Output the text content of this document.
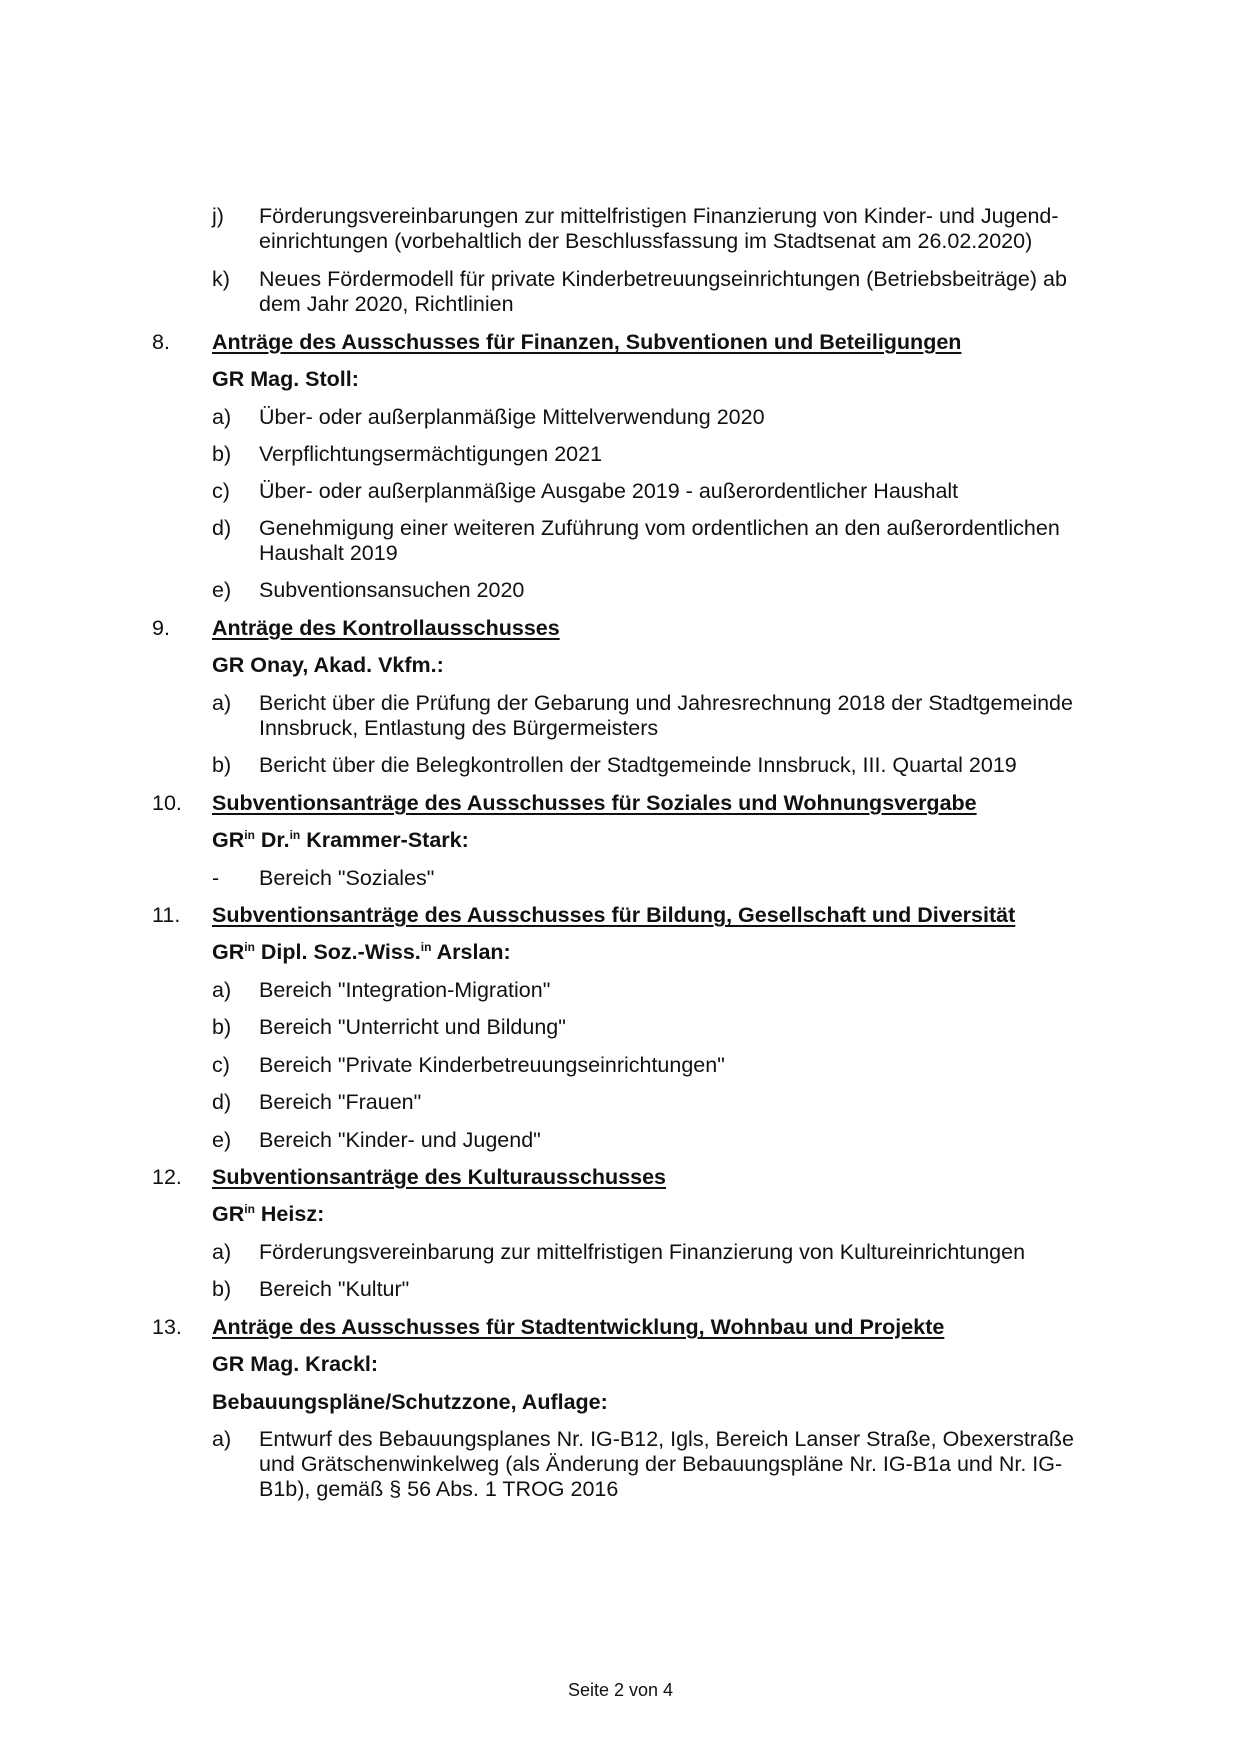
j)	Förderungsvereinbarungen zur mittelfristigen Finanzierung von Kinder- und Jugend-
einrichtungen (vorbehaltlich der Beschlussfassung im Stadtsenat am 26.02.2020)
k)	Neues Fördermodell für private Kinderbetreuungseinrichtungen (Betriebsbeiträge) ab
dem Jahr 2020, Richtlinien
8.	Anträge des Ausschusses für Finanzen, Subventionen und Beteiligungen
GR Mag. Stoll:
a)	Über- oder außerplanmäßige Mittelverwendung 2020
b)	Verpflichtungsermächtigungen 2021
c)	Über- oder außerplanmäßige Ausgabe 2019 - außerordentlicher Haushalt
d)	Genehmigung einer weiteren Zuführung vom ordentlichen an den außerordentlichen
Haushalt 2019
e)	Subventionsansuchen 2020
9.	Anträge des Kontrollausschusses
GR Onay, Akad. Vkfm.:
a)	Bericht über die Prüfung der Gebarung und Jahresrechnung 2018 der Stadtgemeinde
Innsbruck, Entlastung des Bürgermeisters
b)	Bericht über die Belegkontrollen der Stadtgemeinde Innsbruck, III. Quartal 2019
10.	Subventionsanträge des Ausschusses für Soziales und Wohnungsvergabe
$GR^{in}$ Dr.$^{in}$ Krammer-Stark:
-	Bereich "Soziales"
11.	Subventionsanträge des Ausschusses für Bildung, Gesellschaft und Diversität
$GR^{in}$ Dipl. Soz.-Wiss.$^{in}$ Arslan:
a)	Bereich "Integration-Migration"
b)	Bereich "Unterricht und Bildung"
c)	Bereich "Private Kinderbetreuungseinrichtungen"
d)	Bereich "Frauen"
e)	Bereich "Kinder- und Jugend"
12.	Subventionsanträge des Kulturausschusses
$GR^{in}$ Heisz:
a)	Förderungsvereinbarung zur mittelfristigen Finanzierung von Kultureinrichtungen
b)	Bereich "Kultur"
13.	Anträge des Ausschusses für Stadtentwicklung, Wohnbau und Projekte
GR Mag. Krackl:
Bebauungspläne/Schutzzone, Auflage:
a)	Entwurf des Bebauungsplanes Nr. IG-B12, Igls, Bereich Lanser Straße, Obexerstraße
und Grätschenwinkelweg (als Änderung der Bebauungspläne Nr. IG-B1a und Nr. IG-
B1b), gemäß § 56 Abs. 1 TROG 2016
Seite 2 von 4
